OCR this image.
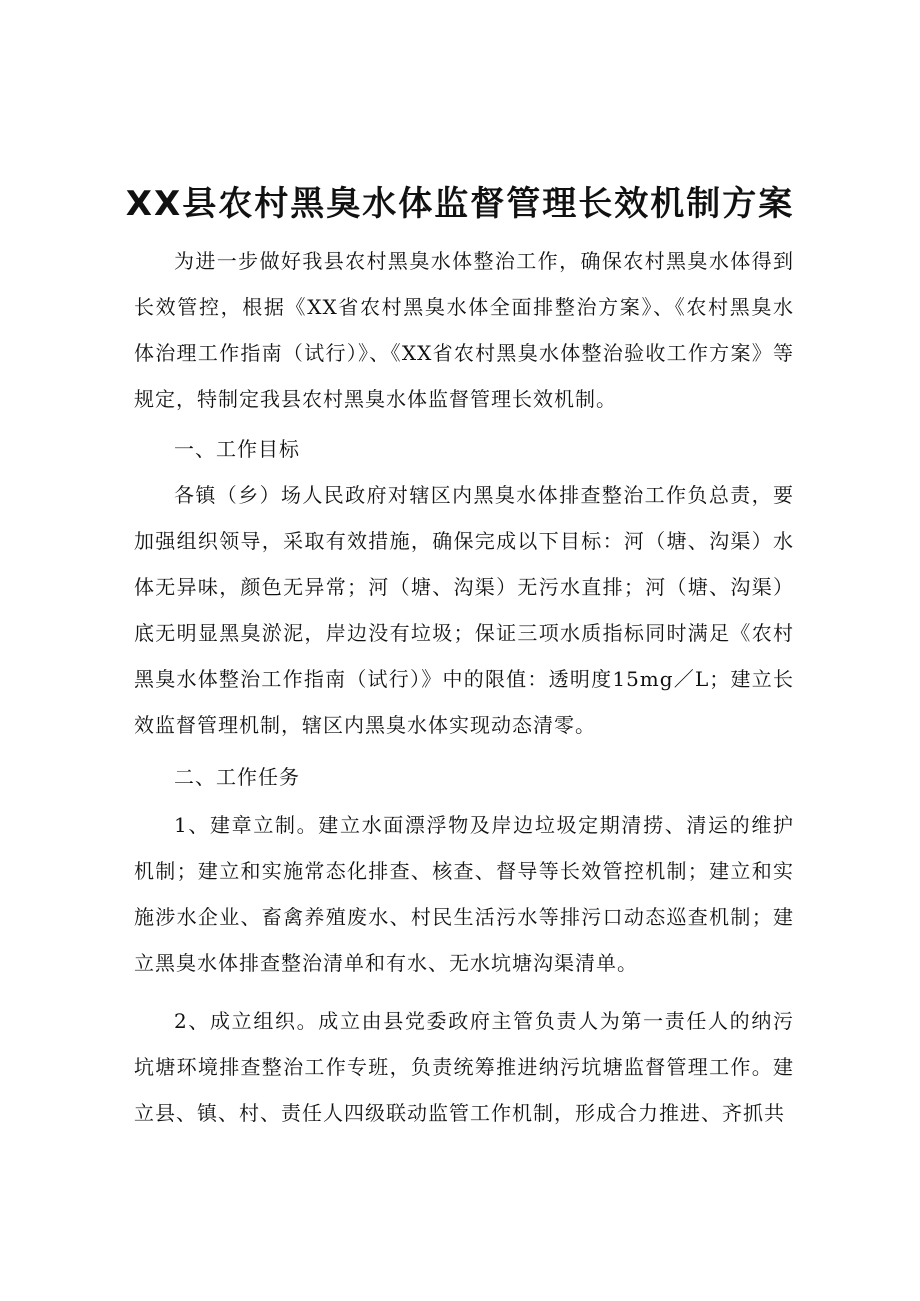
XX县农村黑臭水体监督管理长效机制方案

为进一步做好我县农村黑臭水体整治工作，确保农村黑臭水体得到长效管控，根据《XX省农村黑臭水体全面排整治方案》、《农村黑臭水体治理工作指南（试行）》、《XX省农村黑臭水体整治验收工作方案》等规定，特制定我县农村黑臭水体监督管理长效机制。

一、工作目标

各镇（乡）场人民政府对辖区内黑臭水体排查整治工作负总责，要加强组织领导，采取有效措施，确保完成以下目标：河（塘、沟渠）水体无异味，颜色无异常；河（塘、沟渠）无污水直排；河（塘、沟渠）底无明显黑臭淤泥，岸边没有垃圾；保证三项水质指标同时满足《农村黑臭水体整治工作指南（试行）》中的限值：透明度15mg／L；建立长效监督管理机制，辖区内黑臭水体实现动态清零。

二、工作任务

1、建章立制。建立水面漂浮物及岸边垃圾定期清捞、清运的维护机制；建立和实施常态化排查、核查、督导等长效管控机制；建立和实施涉水企业、畜禽养殖废水、村民生活污水等排污口动态巡查机制；建立黑臭水体排查整治清单和有水、无水坑塘沟渠清单。

2、成立组织。成立由县党委政府主管负责人为第一责任人的纳污坑塘环境排查整治工作专班，负责统筹推进纳污坑塘监督管理工作。建立县、镇、村、责任人四级联动监管工作机制，形成合力推进、齐抓共
